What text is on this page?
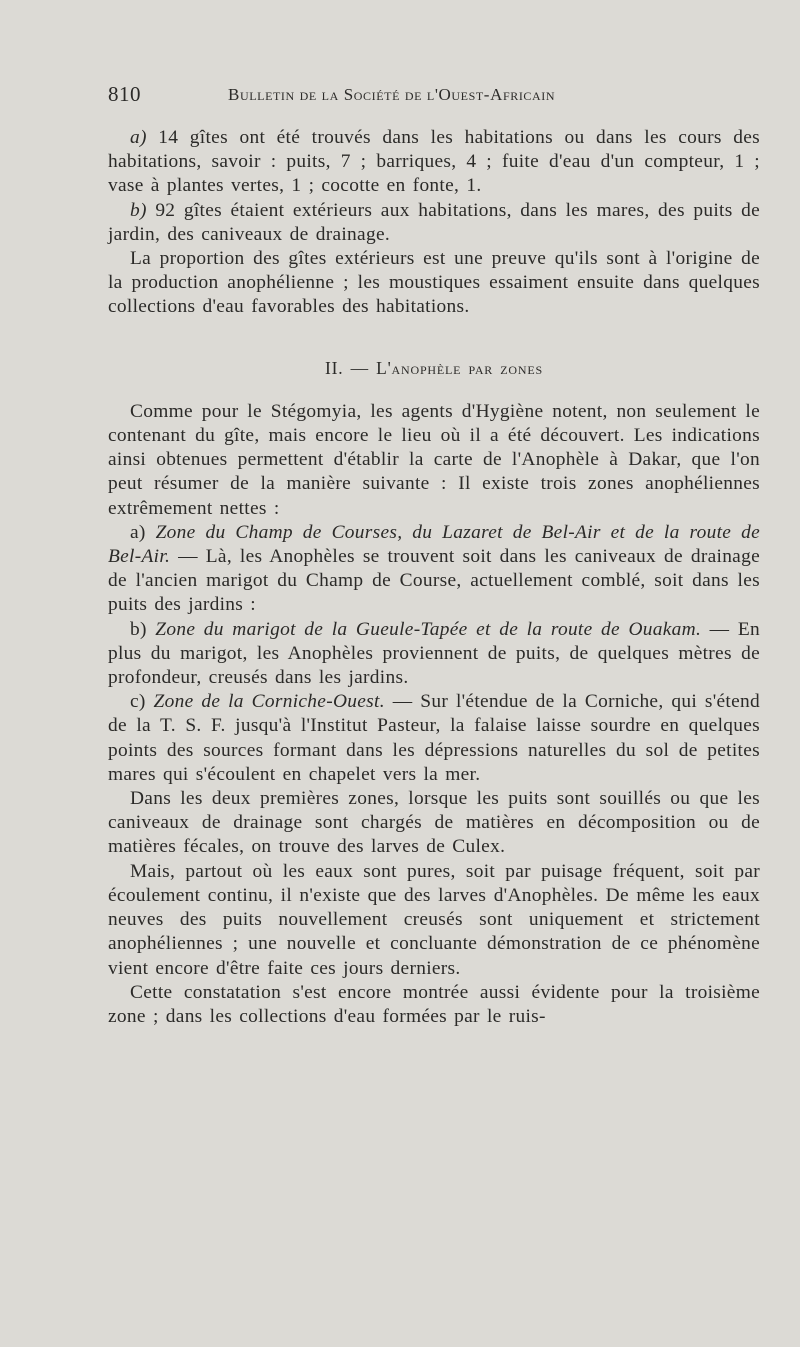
810	Bulletin de la Société de l'Ouest-Africain

a) 14 gîtes ont été trouvés dans les habitations ou dans les cours des habitations, savoir : puits, 7 ; barriques, 4 ; fuite d'eau d'un compteur, 1 ; vase à plantes vertes, 1 ; cocotte en fonte, 1.

b) 92 gîtes étaient extérieurs aux habitations, dans les mares, des puits de jardin, des caniveaux de drainage.

La proportion des gîtes extérieurs est une preuve qu'ils sont à l'origine de la production anophélienne ; les moustiques essaiment ensuite dans quelques collections d'eau favorables des habitations.

II. — L'anophèle par zones

Comme pour le Stégomyia, les agents d'Hygiène notent, non seulement le contenant du gîte, mais encore le lieu où il a été découvert. Les indications ainsi obtenues permettent d'établir la carte de l'Anophèle à Dakar, que l'on peut résumer de la manière suivante : Il existe trois zones anophéliennes extrêmement nettes :

a) Zone du Champ de Courses, du Lazaret de Bel-Air et de la route de Bel-Air. — Là, les Anophèles se trouvent soit dans les caniveaux de drainage de l'ancien marigot du Champ de Course, actuellement comblé, soit dans les puits des jardins :

b) Zone du marigot de la Gueule-Tapée et de la route de Ouakam. — En plus du marigot, les Anophèles proviennent de puits, de quelques mètres de profondeur, creusés dans les jardins.

c) Zone de la Corniche-Ouest. — Sur l'étendue de la Corniche, qui s'étend de la T. S. F. jusqu'à l'Institut Pasteur, la falaise laisse sourdre en quelques points des sources formant dans les dépressions naturelles du sol de petites mares qui s'écoulent en chapelet vers la mer.

Dans les deux premières zones, lorsque les puits sont souillés ou que les caniveaux de drainage sont chargés de matières en décomposition ou de matières fécales, on trouve des larves de Culex.

Mais, partout où les eaux sont pures, soit par puisage fréquent, soit par écoulement continu, il n'existe que des larves d'Anophèles. De même les eaux neuves des puits nouvellement creusés sont uniquement et strictement anophéliennes ; une nouvelle et concluante démonstration de ce phénomène vient encore d'être faite ces jours derniers.

Cette constatation s'est encore montrée aussi évidente pour la troisième zone ; dans les collections d'eau formées par le ruis-
